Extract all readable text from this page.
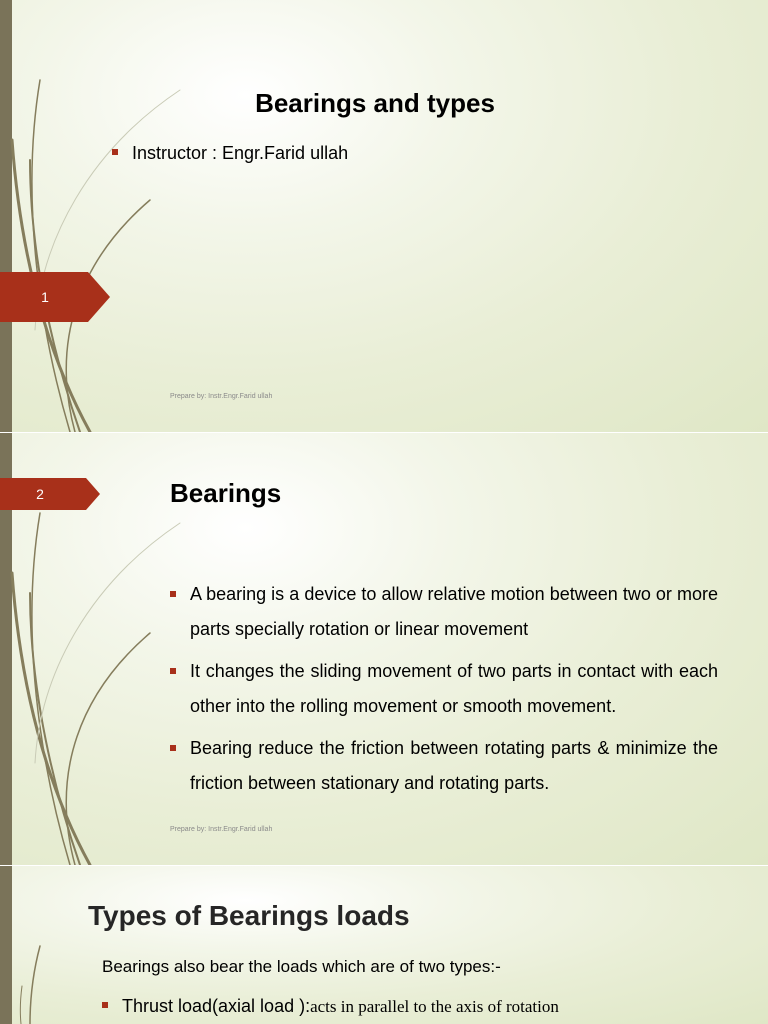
1
Bearings and types
Instructor : Engr.Farid ullah
Prepare by: Instr.Engr.Farid ullah
2	Bearings
A bearing is a device to allow relative motion between two or more parts specially rotation or linear movement
It changes the sliding movement of two parts in contact with each other into the rolling movement or smooth movement.
Bearing reduce the friction between rotating parts & minimize the friction between stationary and rotating parts.
Prepare by: Instr.Engr.Farid ullah
Types of Bearings loads
Bearings also bear the loads which are of two types:-
Thrust load(axial load ):acts in parallel to the axis of rotation
